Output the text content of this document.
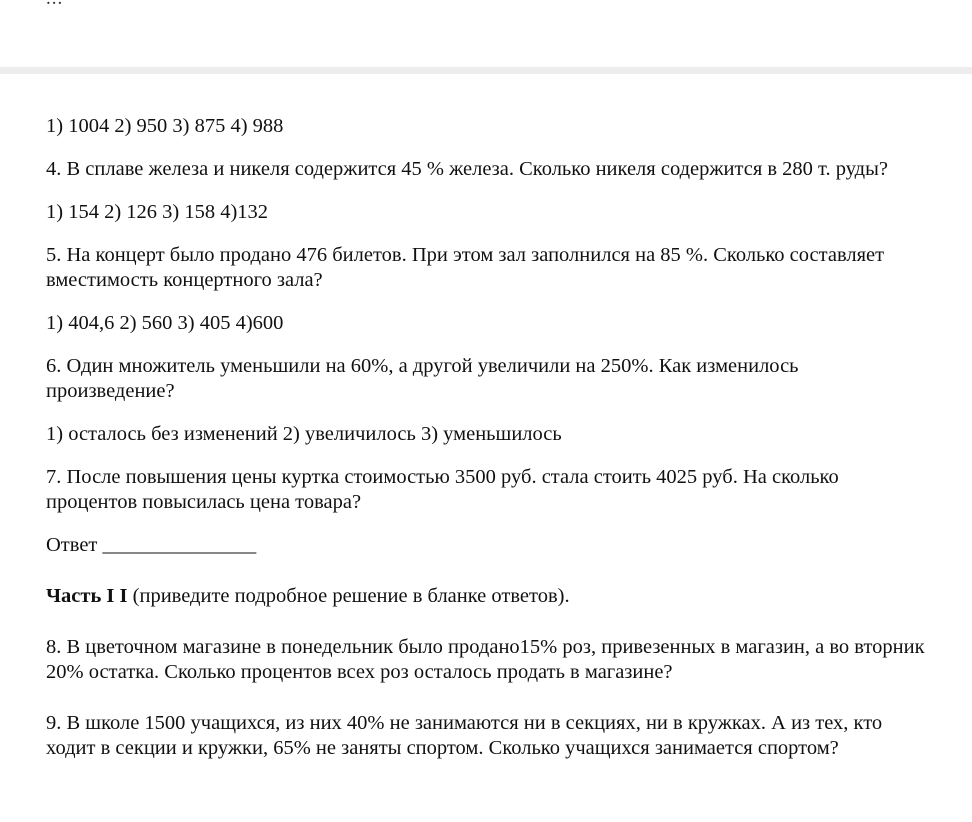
1) 1004 2) 950 3) 875 4) 988

4. В сплаве железа и никеля содержится 45 % железа. Сколько никеля содержится в 280 т. руды?

1) 154 2) 126 3) 158 4)132

5. На концерт было продано 476 билетов. При этом зал заполнился на 85 %. Сколько составляет вместимость концертного зала?

1) 404,6 2) 560 3) 405 4)600

6. Один множитель уменьшили на 60%, а другой увеличили на 250%. Как изменилось произведение?

1) осталось без изменений 2) увеличилось 3) уменьшилось

7. После повышения цены куртка стоимостью 3500 руб. стала стоить 4025 руб. На сколько процентов повысилась цена товара?

Ответ _______________

Часть I I (приведите подробное решение в бланке ответов).

8. В цветочном магазине в понедельник было продано15% роз, привезенных в магазин, а во вторник 20% остатка. Сколько процентов всех роз осталось продать в магазине?

9. В школе 1500 учащихся, из них 40% не занимаются ни в секциях, ни в кружках. А из тех, кто ходит в секции и кружки, 65% не заняты спортом. Сколько учащихся занимается спортом?
